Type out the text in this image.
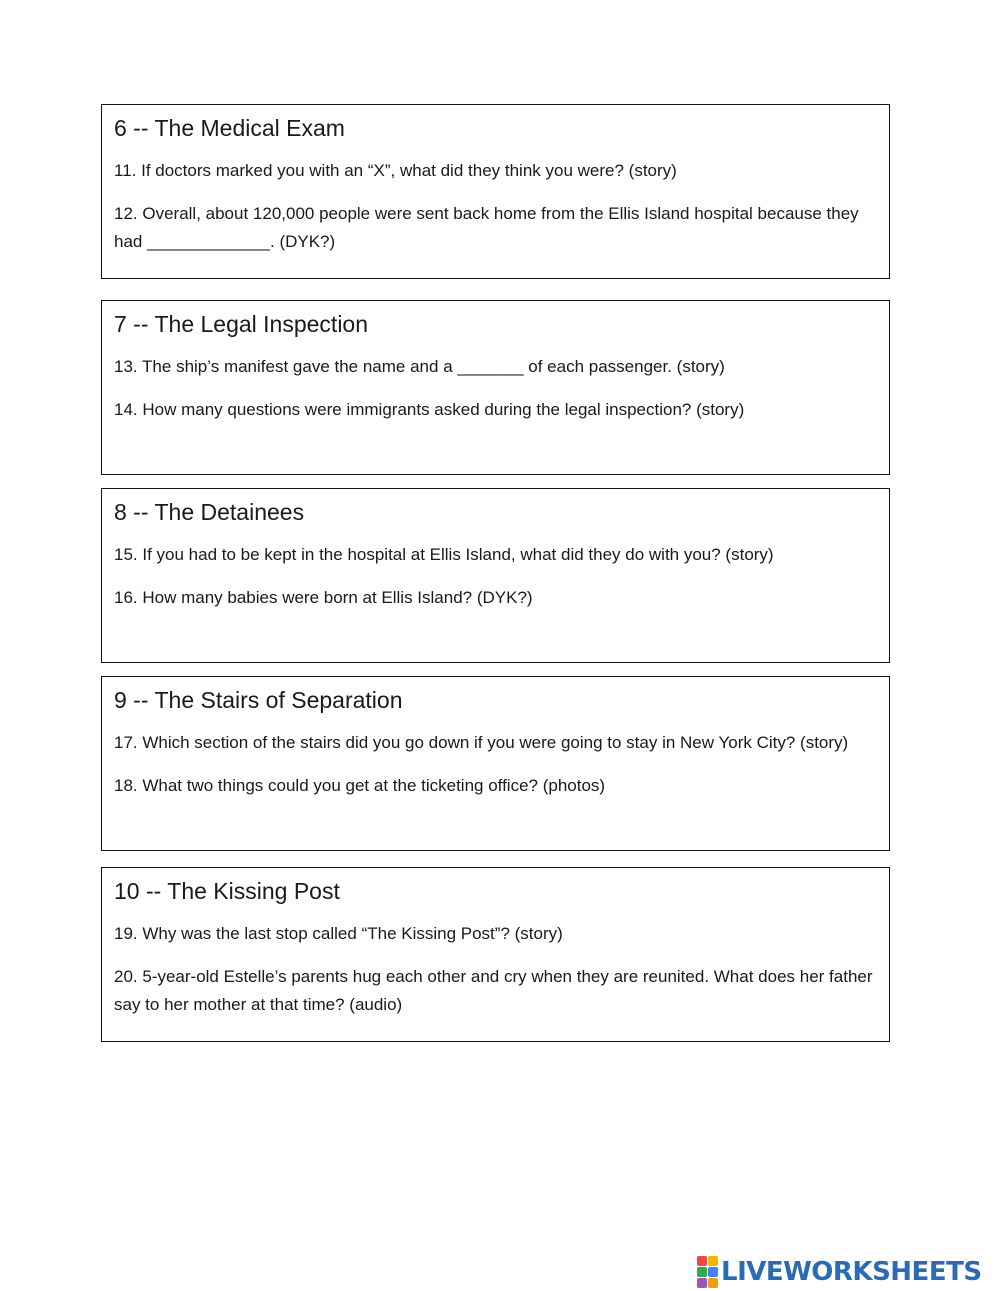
6 -- The Medical Exam

11. If doctors marked you with an “X”, what did they think you were? (story)

12. Overall, about 120,000 people were sent back home from the Ellis Island hospital because they had _____________. (DYK?)

7 -- The Legal Inspection

13. The ship’s manifest gave the name and a _______ of each passenger. (story)

14. How many questions were immigrants asked during the legal inspection? (story)

8 -- The Detainees

15. If you had to be kept in the hospital at Ellis Island, what did they do with you? (story)

16. How many babies were born at Ellis Island? (DYK?)

9 -- The Stairs of Separation

17. Which section of the stairs did you go down if you were going to stay in New York City? (story)

18. What two things could you get at the ticketing office? (photos)

10 -- The Kissing Post

19. Why was the last stop called “The Kissing Post”? (story)

20. 5-year-old Estelle’s parents hug each other and cry when they are reunited. What does her father say to her mother at that time? (audio)

LIVEWORKSHEETS
